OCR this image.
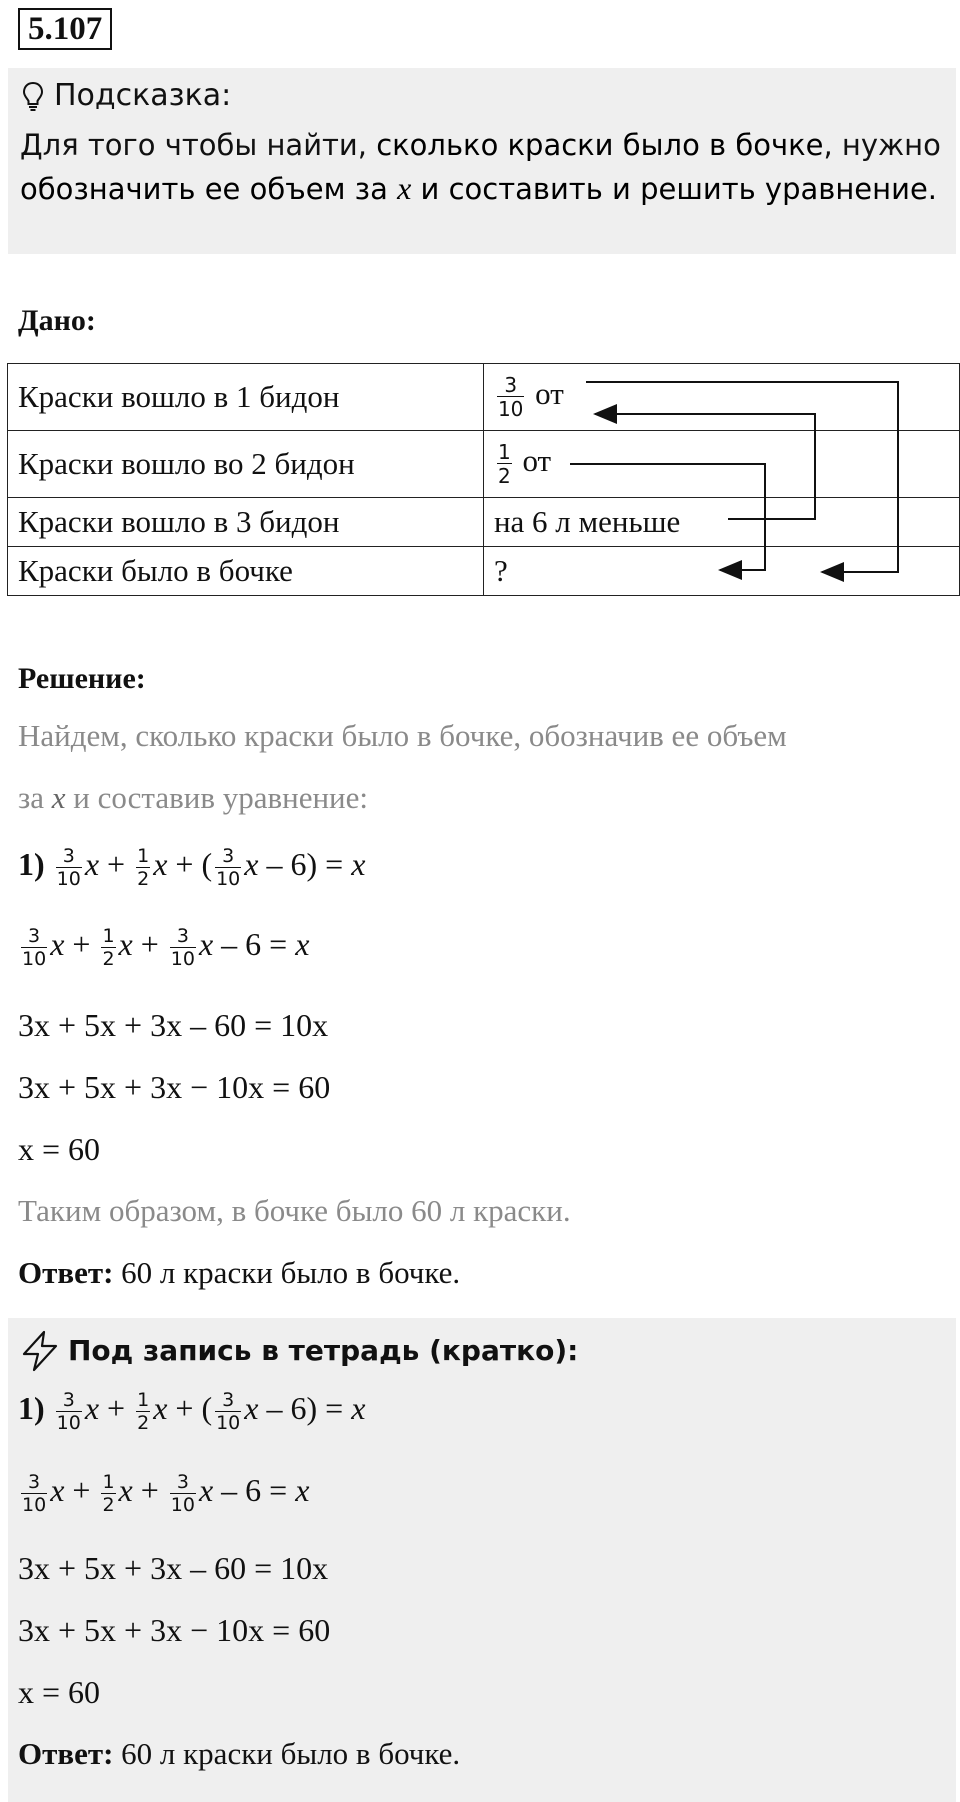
5.107
Подсказка:
Для того чтобы найти, сколько краски было в бочке, нужно
обозначить ее объем за x и составить и решить уравнение.
Дано:
Краски вошло в 1 бидон	$\frac{3}{10}$ от
Краски вошло во 2 бидон	$\frac{1}{2}$ от
Краски вошло в 3 бидон	на 6 л меньше
Краски было в бочке	?
Решение:
Найдем, сколько краски было в бочке, обозначив ее объем
за x и составив уравнение:
$1) \frac{3}{10}$ $x + \frac{1}{2}$ x + ( $\frac{3}{10}$ x – 6) = x
$\frac{3}{10}$ $x + \frac{1}{2}$ $x + \frac{3}{10}$ x – 6 = x
3x + 5x + 3x – 60 = 10x
3x + 5x + 3x − 10x = 60
x = 60
Таким образом, в бочке было 60 л краски.
Ответ: 60 л краски было в бочке.
Под запись в тетрадь (кратко):
$1) \frac{3}{10}$ $x + \frac{1}{2}$ x + ( $\frac{3}{10}$ x – 6) = x
$\frac{3}{10}$ $x + \frac{1}{2}$ $x + \frac{3}{10}$ x – 6 = x
3x + 5x + 3x – 60 = 10x
3x + 5x + 3x − 10x = 60
x = 60
Ответ: 60 л краски было в бочке.
